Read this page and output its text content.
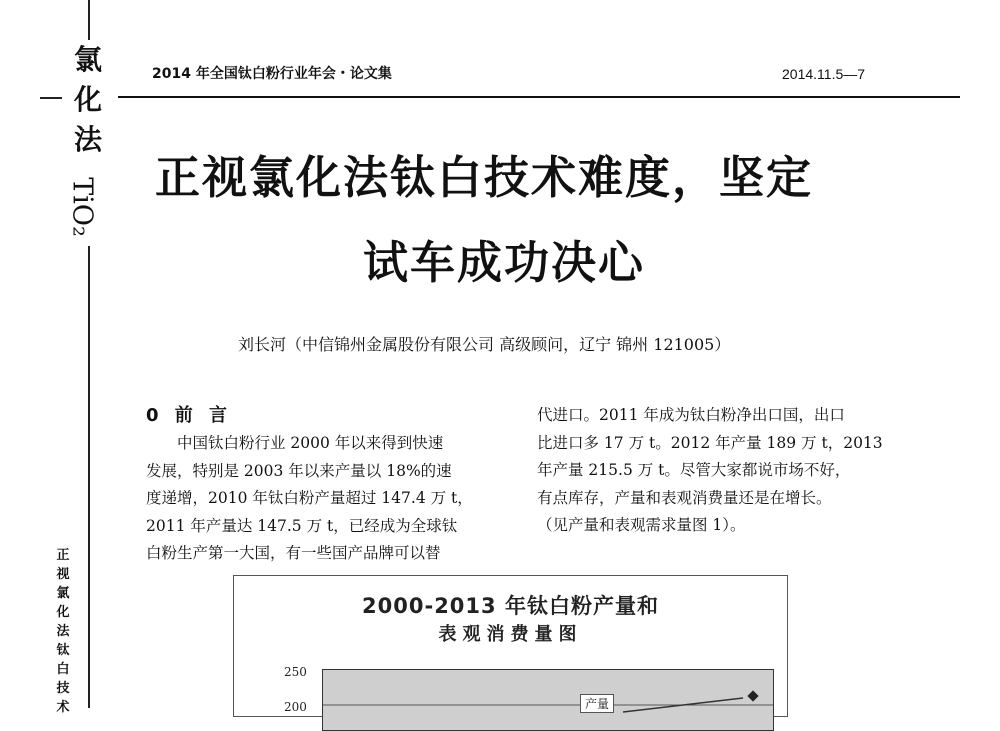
氯
化
法
TiO₂
正
视
氯
化
法
钛
白
技
术
2014 年全国钛白粉行业年会・论文集	2014.11.5—7
正视氯化法钛白技术难度，坚定
试车成功决心
刘长河（中信锦州金属股份有限公司 高级顾问，辽宁 锦州 121005）
0 前 言
　　中国钛白粉行业 2000 年以来得到快速
发展，特别是 2003 年以来产量以 18%的速
度递增，2010 年钛白粉产量超过 147.4 万 t，
2011 年产量达 147.5 万 t，已经成为全球钛
白粉生产第一大国，有一些国产品牌可以替
代进口。2011 年成为钛白粉净出口国，出口
比进口多 17 万 t。2012 年产量 189 万 t，2013
年产量 215.5 万 t。尽管大家都说市场不好，
有点库存，产量和表观消费量还是在增长。
（见产量和表观需求量图 1）。
2000-2013 年钛白粉产量和
表观消费量图
250
200	产量
